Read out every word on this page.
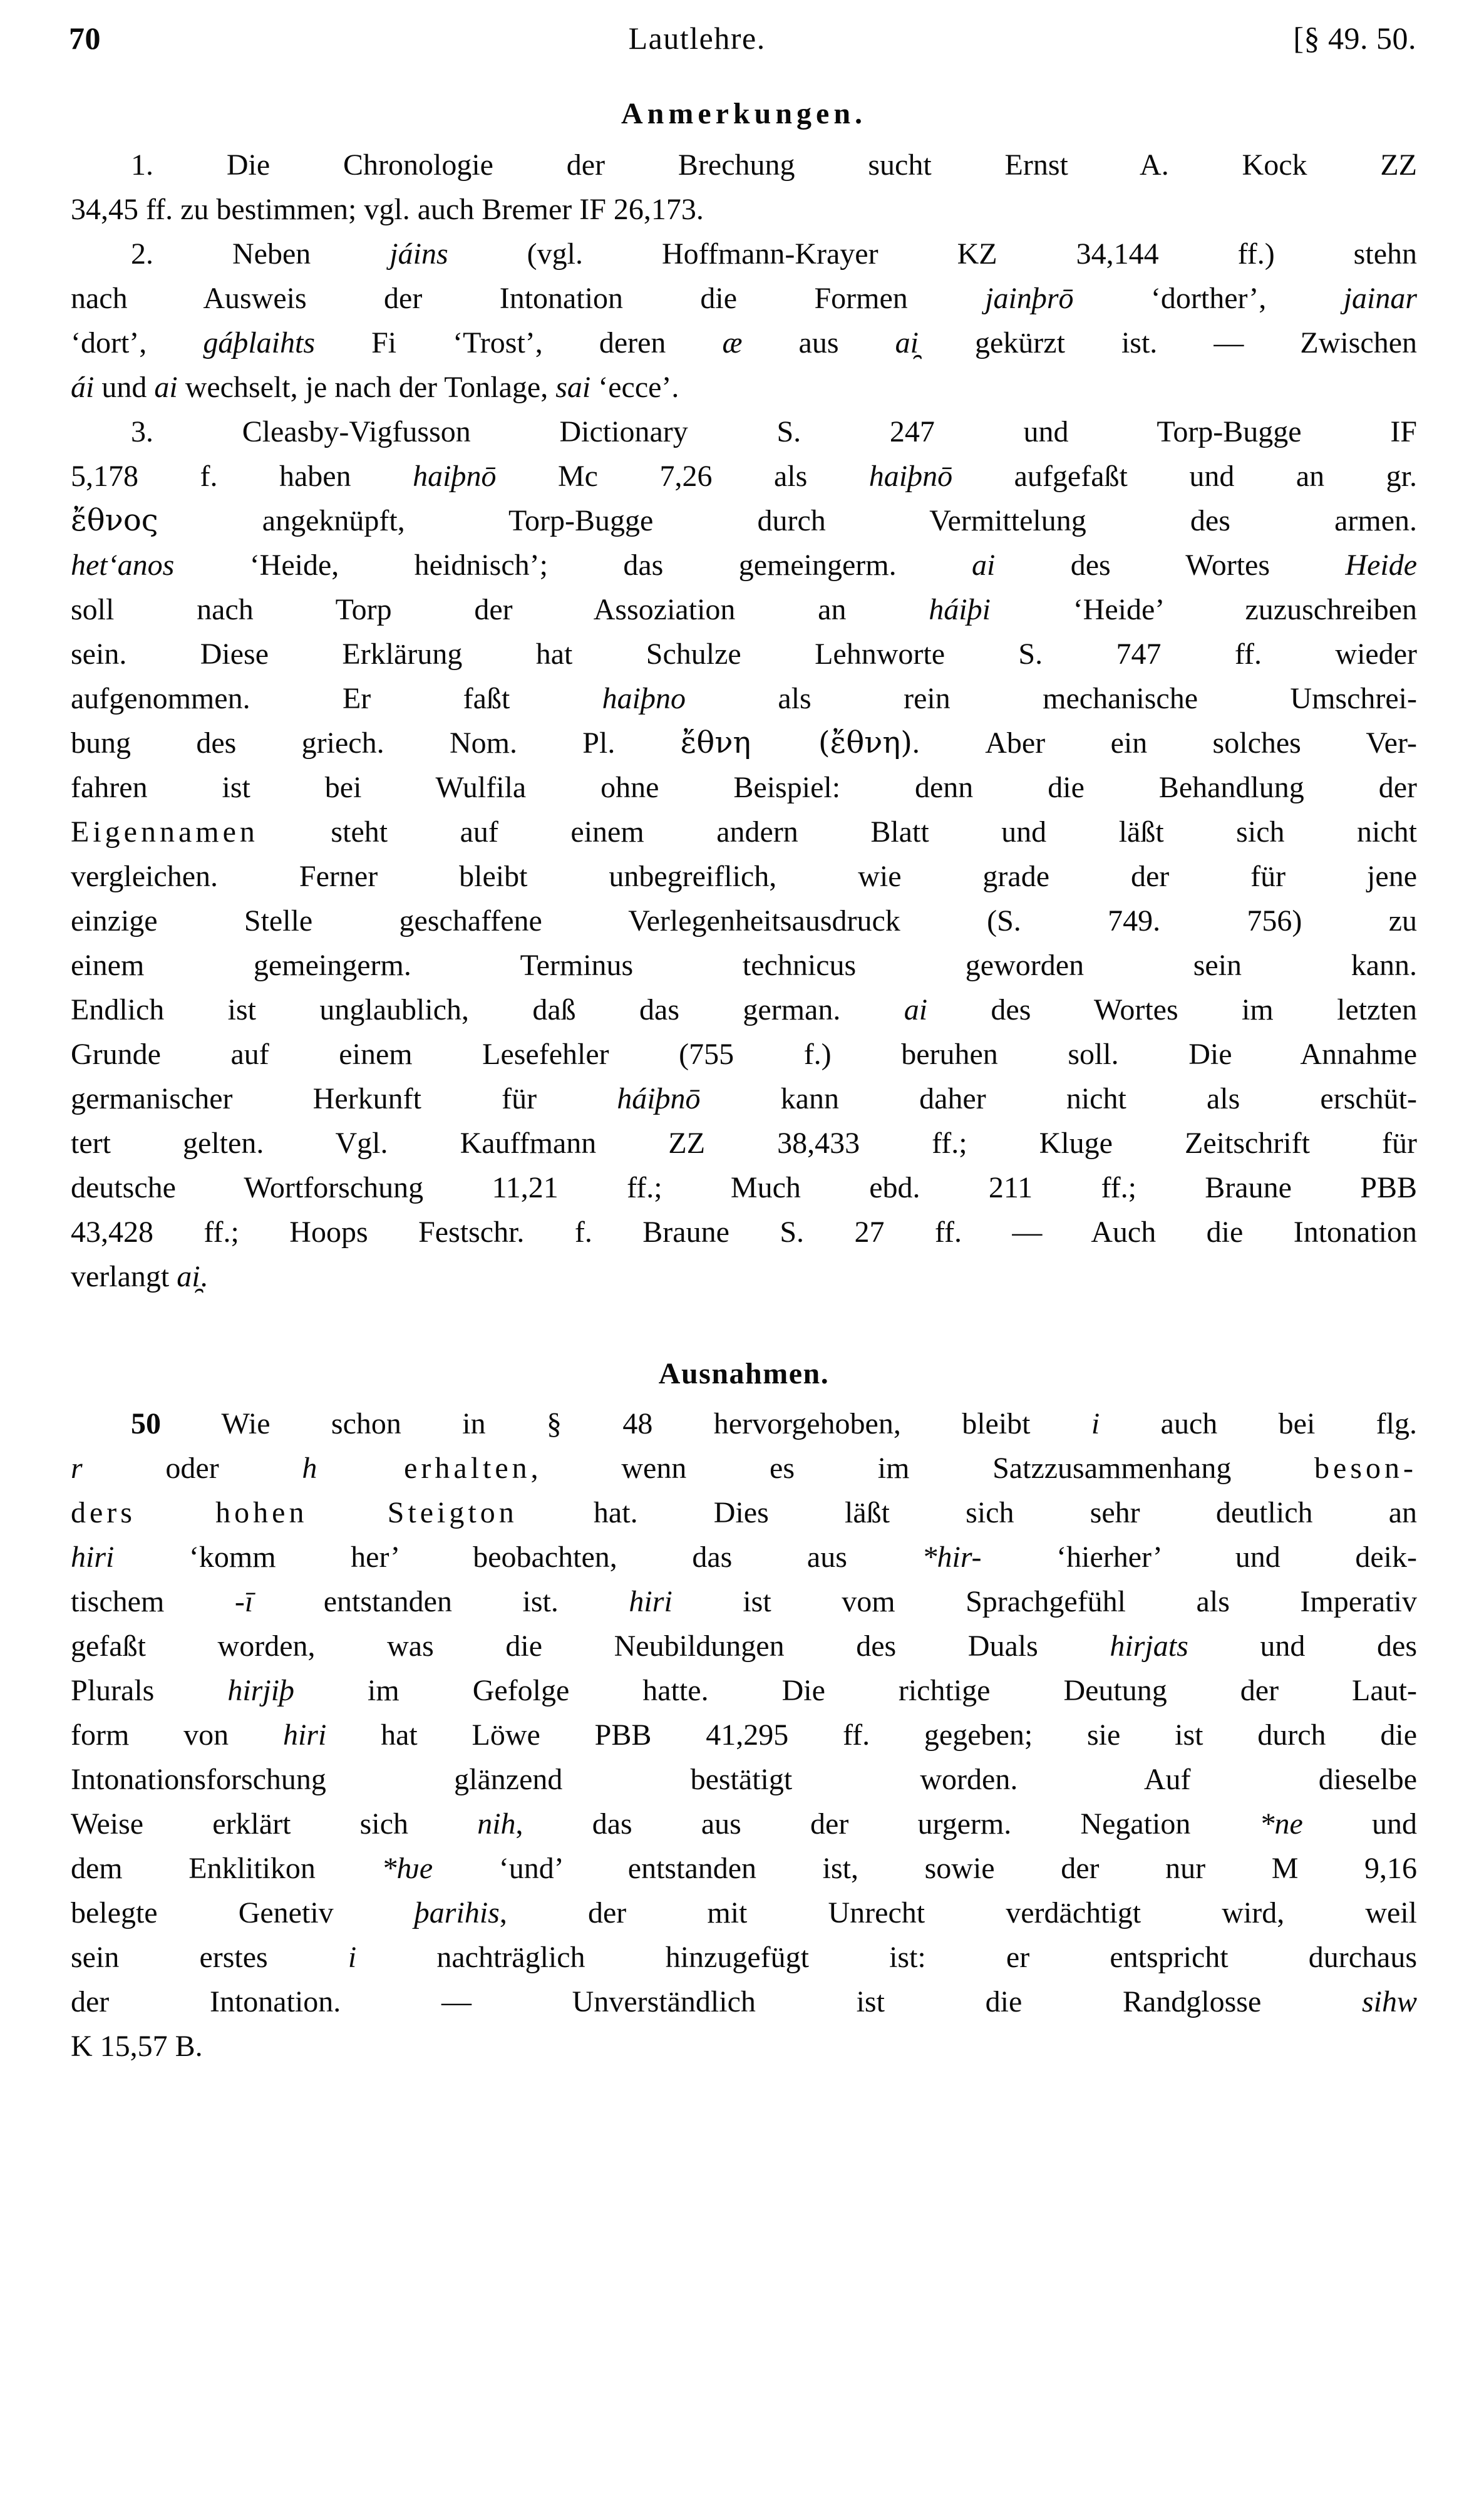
70	Lautlehre.	[§ 49. 50.
Anmerkungen.
1. Die Chronologie der Brechung sucht Ernst A. Kock ZZ
34,45 ff. zu bestimmen; vgl. auch Bremer IF 26,173.
2. Neben jáins (vgl. Hoffmann-Krayer KZ 34,144 ff.) stehn
nach Ausweis der Intonation die Formen jainþrō ‘dorther’, jainar
‘dort’, gáþlaihts Fi ‘Trost’, deren æ aus ai̯ gekürzt ist. — Zwischen
ái und ai wechselt, je nach der Tonlage, sai ‘ecce’.
3. Cleasby-Vigfusson Dictionary S. 247 und Torp-Bugge IF
5,178 f. haben haiþnō Mc 7,26 als haiþnō aufgefaßt und an gr.
ἔθνος angeknüpft, Torp-Bugge durch Vermittelung des armen.
hetʻanos ‘Heide, heidnisch’; das gemeingerm. ai des Wortes Heide
soll nach Torp der Assoziation an háiþi ‘Heide’ zuzuschreiben
sein. Diese Erklärung hat Schulze Lehnworte S. 747 ff. wieder
aufgenommen. Er faßt haiþno als rein mechanische Umschrei-
bung des griech. Nom. Pl. ἔθνη (ἔθνη). Aber ein solches Ver-
fahren ist bei Wulfila ohne Beispiel: denn die Behandlung der
Eigennamen steht auf einem andern Blatt und läßt sich nicht
vergleichen. Ferner bleibt unbegreiflich, wie grade der für jene
einzige Stelle geschaffene Verlegenheitsausdruck (S. 749. 756) zu
einem gemeingerm. Terminus technicus geworden sein kann.
Endlich ist unglaublich, daß das german. ai des Wortes im letzten
Grunde auf einem Lesefehler (755 f.) beruhen soll. Die Annahme
germanischer Herkunft für háiþnō kann daher nicht als erschüt-
tert gelten. Vgl. Kauffmann ZZ 38,433 ff.; Kluge Zeitschrift für
deutsche Wortforschung 11,21 ff.; Much ebd. 211 ff.; Braune PBB
43,428 ff.; Hoops Festschr. f. Braune S. 27 ff. — Auch die Intonation
verlangt ai̯.
Ausnahmen.
50 Wie schon in § 48 hervorgehoben, bleibt i auch bei flg.
r oder h erhalten, wenn es im Satzzusammenhang beson-
ders hohen Steigton hat. Dies läßt sich sehr deutlich an
hiri ‘komm her’ beobachten, das aus *hir- ‘hierher’ und deik-
tischem -ī entstanden ist. hiri ist vom Sprachgefühl als Imperativ
gefaßt worden, was die Neubildungen des Duals hirjats und des
Plurals hirjiþ im Gefolge hatte. Die richtige Deutung der Laut-
form von hiri hat Löwe PBB 41,295 ff. gegeben; sie ist durch die
Intonationsforschung glänzend bestätigt worden. Auf dieselbe
Weise erklärt sich nih, das aus der urgerm. Negation *ne und
dem Enklitikon *ƕe ‘und’ entstanden ist, sowie der nur M 9,16
belegte Genetiv þarihis, der mit Unrecht verdächtigt wird, weil
sein erstes i nachträglich hinzugefügt ist: er entspricht durchaus
der Intonation. — Unverständlich ist die Randglosse sihw
K 15,57 B.
